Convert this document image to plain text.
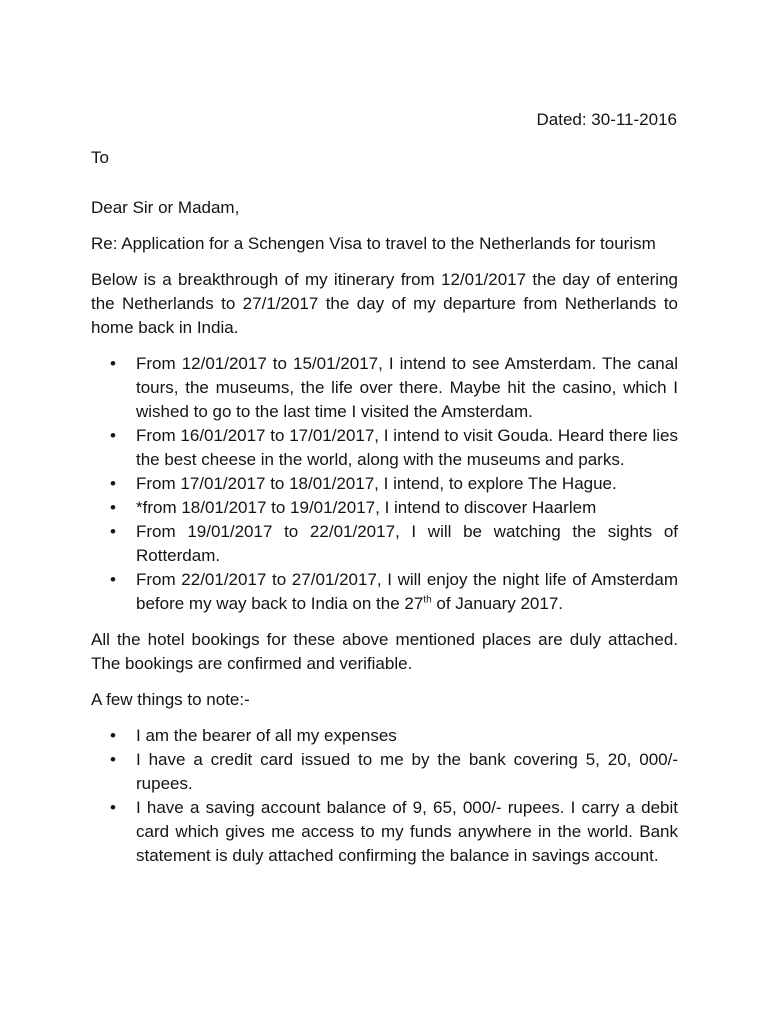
Dated: 30-11-2016

To

Dear Sir or Madam,

Re: Application for a Schengen Visa to travel to the Netherlands for tourism

Below is a breakthrough of my itinerary from 12/01/2017 the day of entering the Netherlands to 27/1/2017 the day of my departure from Netherlands to home back in India.

• From 12/01/2017 to 15/01/2017, I intend to see Amsterdam. The canal tours, the museums, the life over there. Maybe hit the casino, which I wished to go to the last time I visited the Amsterdam.
• From 16/01/2017 to 17/01/2017, I intend to visit Gouda. Heard there lies the best cheese in the world, along with the museums and parks.
• From 17/01/2017 to 18/01/2017, I intend, to explore The Hague.
• *from 18/01/2017 to 19/01/2017, I intend to discover Haarlem
• From 19/01/2017 to 22/01/2017, I will be watching the sights of Rotterdam.
• From 22/01/2017 to 27/01/2017, I will enjoy the night life of Amsterdam before my way back to India on the 27th of January 2017.

All the hotel bookings for these above mentioned places are duly attached. The bookings are confirmed and verifiable.

A few things to note:-

• I am the bearer of all my expenses
• I have a credit card issued to me by the bank covering 5, 20, 000/- rupees.
• I have a saving account balance of 9, 65, 000/- rupees. I carry a debit card which gives me access to my funds anywhere in the world. Bank statement is duly attached confirming the balance in savings account.
